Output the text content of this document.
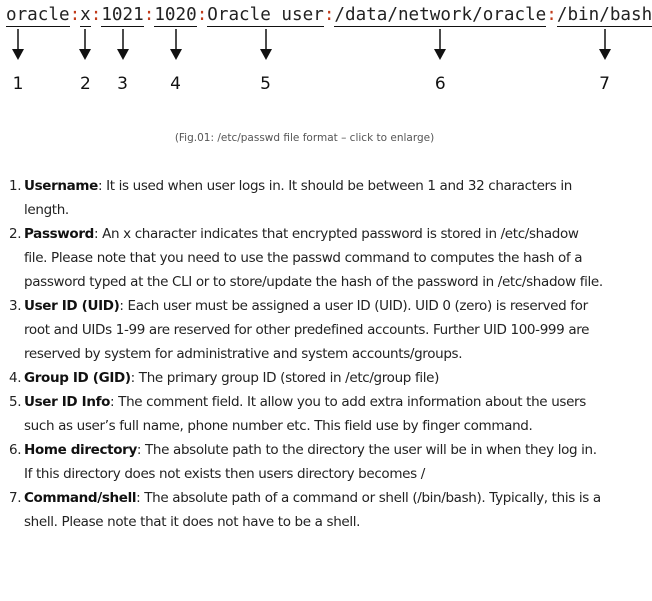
oracle:x:1021:1020:Oracle user:/data/network/oracle:/bin/bash
1	2 3 4	5	6	7
(Fig.01: /etc/passwd file format – click to enlarge)
1. Username: It is used when user logs in. It should be between 1 and 32 characters in length.
2. Password: An x character indicates that encrypted password is stored in /etc/shadow file. Please note that you need to use the passwd command to computes the hash of a password typed at the CLI or to store/update the hash of the password in /etc/shadow file.
3. User ID (UID): Each user must be assigned a user ID (UID). UID 0 (zero) is reserved for root and UIDs 1-99 are reserved for other predefined accounts. Further UID 100-999 are reserved by system for administrative and system accounts/groups.
4. Group ID (GID): The primary group ID (stored in /etc/group file)
5. User ID Info: The comment field. It allow you to add extra information about the users such as user’s full name, phone number etc. This field use by finger command.
6. Home directory: The absolute path to the directory the user will be in when they log in. If this directory does not exists then users directory becomes /
7. Command/shell: The absolute path of a command or shell (/bin/bash). Typically, this is a shell. Please note that it does not have to be a shell.
